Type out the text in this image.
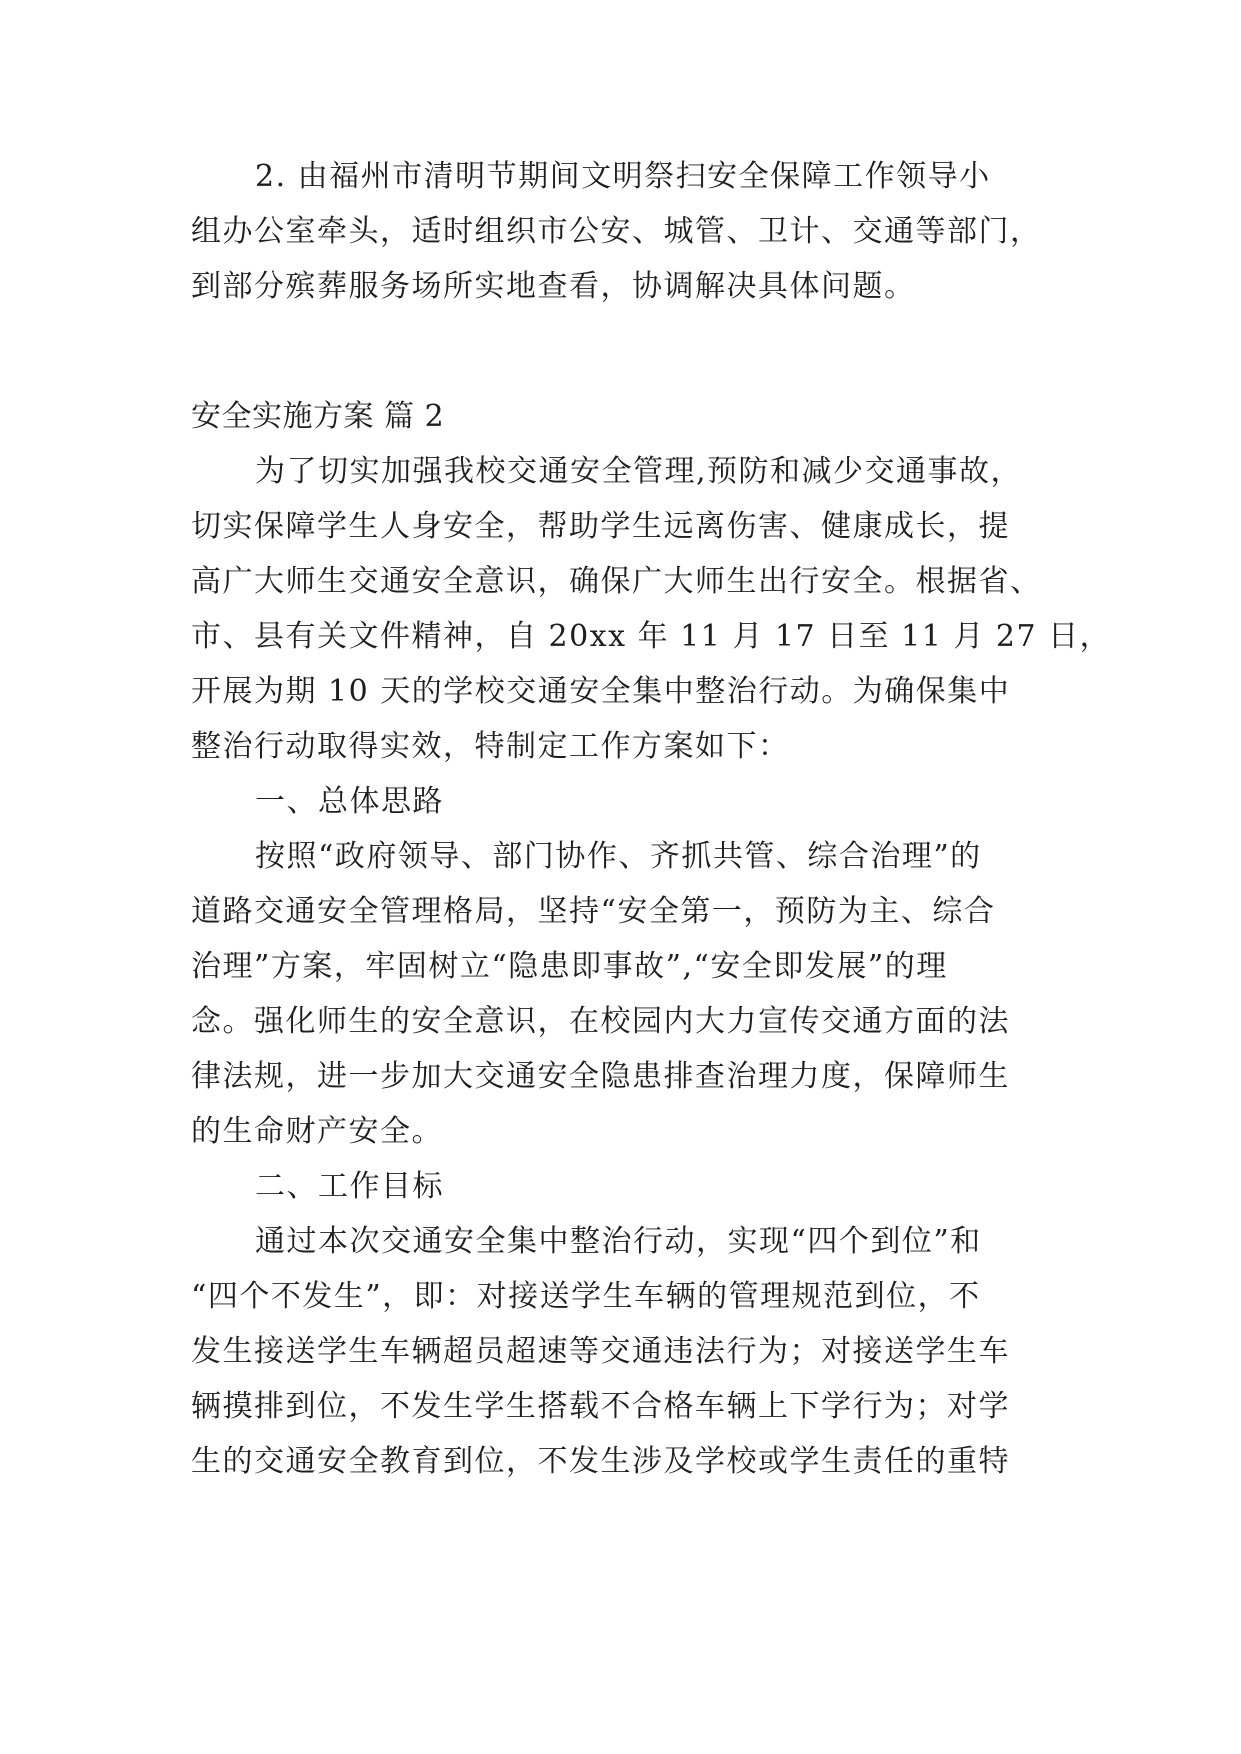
2. 由福州市清明节期间文明祭扫安全保障工作领导小

组办公室牵头，适时组织市公安、城管、卫计、交通等部门，

到部分殡葬服务场所实地查看，协调解决具体问题。

安全实施方案 篇 2

为了切实加强我校交通安全管理,预防和减少交通事故，

切实保障学生人身安全，帮助学生远离伤害、健康成长，提

高广大师生交通安全意识，确保广大师生出行安全。根据省、

市、县有关文件精神，自 20xx 年 11 月 17 日至 11 月 27 日，

开展为期 10 天的学校交通安全集中整治行动。为确保集中

整治行动取得实效，特制定工作方案如下：

一、总体思路

按照“政府领导、部门协作、齐抓共管、综合治理”的

道路交通安全管理格局，坚持“安全第一，预防为主、综合

治理”方案，牢固树立“隐患即事故”,“安全即发展”的理

念。强化师生的安全意识，在校园内大力宣传交通方面的法

律法规，进一步加大交通安全隐患排查治理力度，保障师生

的生命财产安全。

二、工作目标

通过本次交通安全集中整治行动，实现“四个到位”和

“四个不发生”，即：对接送学生车辆的管理规范到位，不

发生接送学生车辆超员超速等交通违法行为；对接送学生车

辆摸排到位，不发生学生搭载不合格车辆上下学行为；对学

生的交通安全教育到位，不发生涉及学校或学生责任的重特
